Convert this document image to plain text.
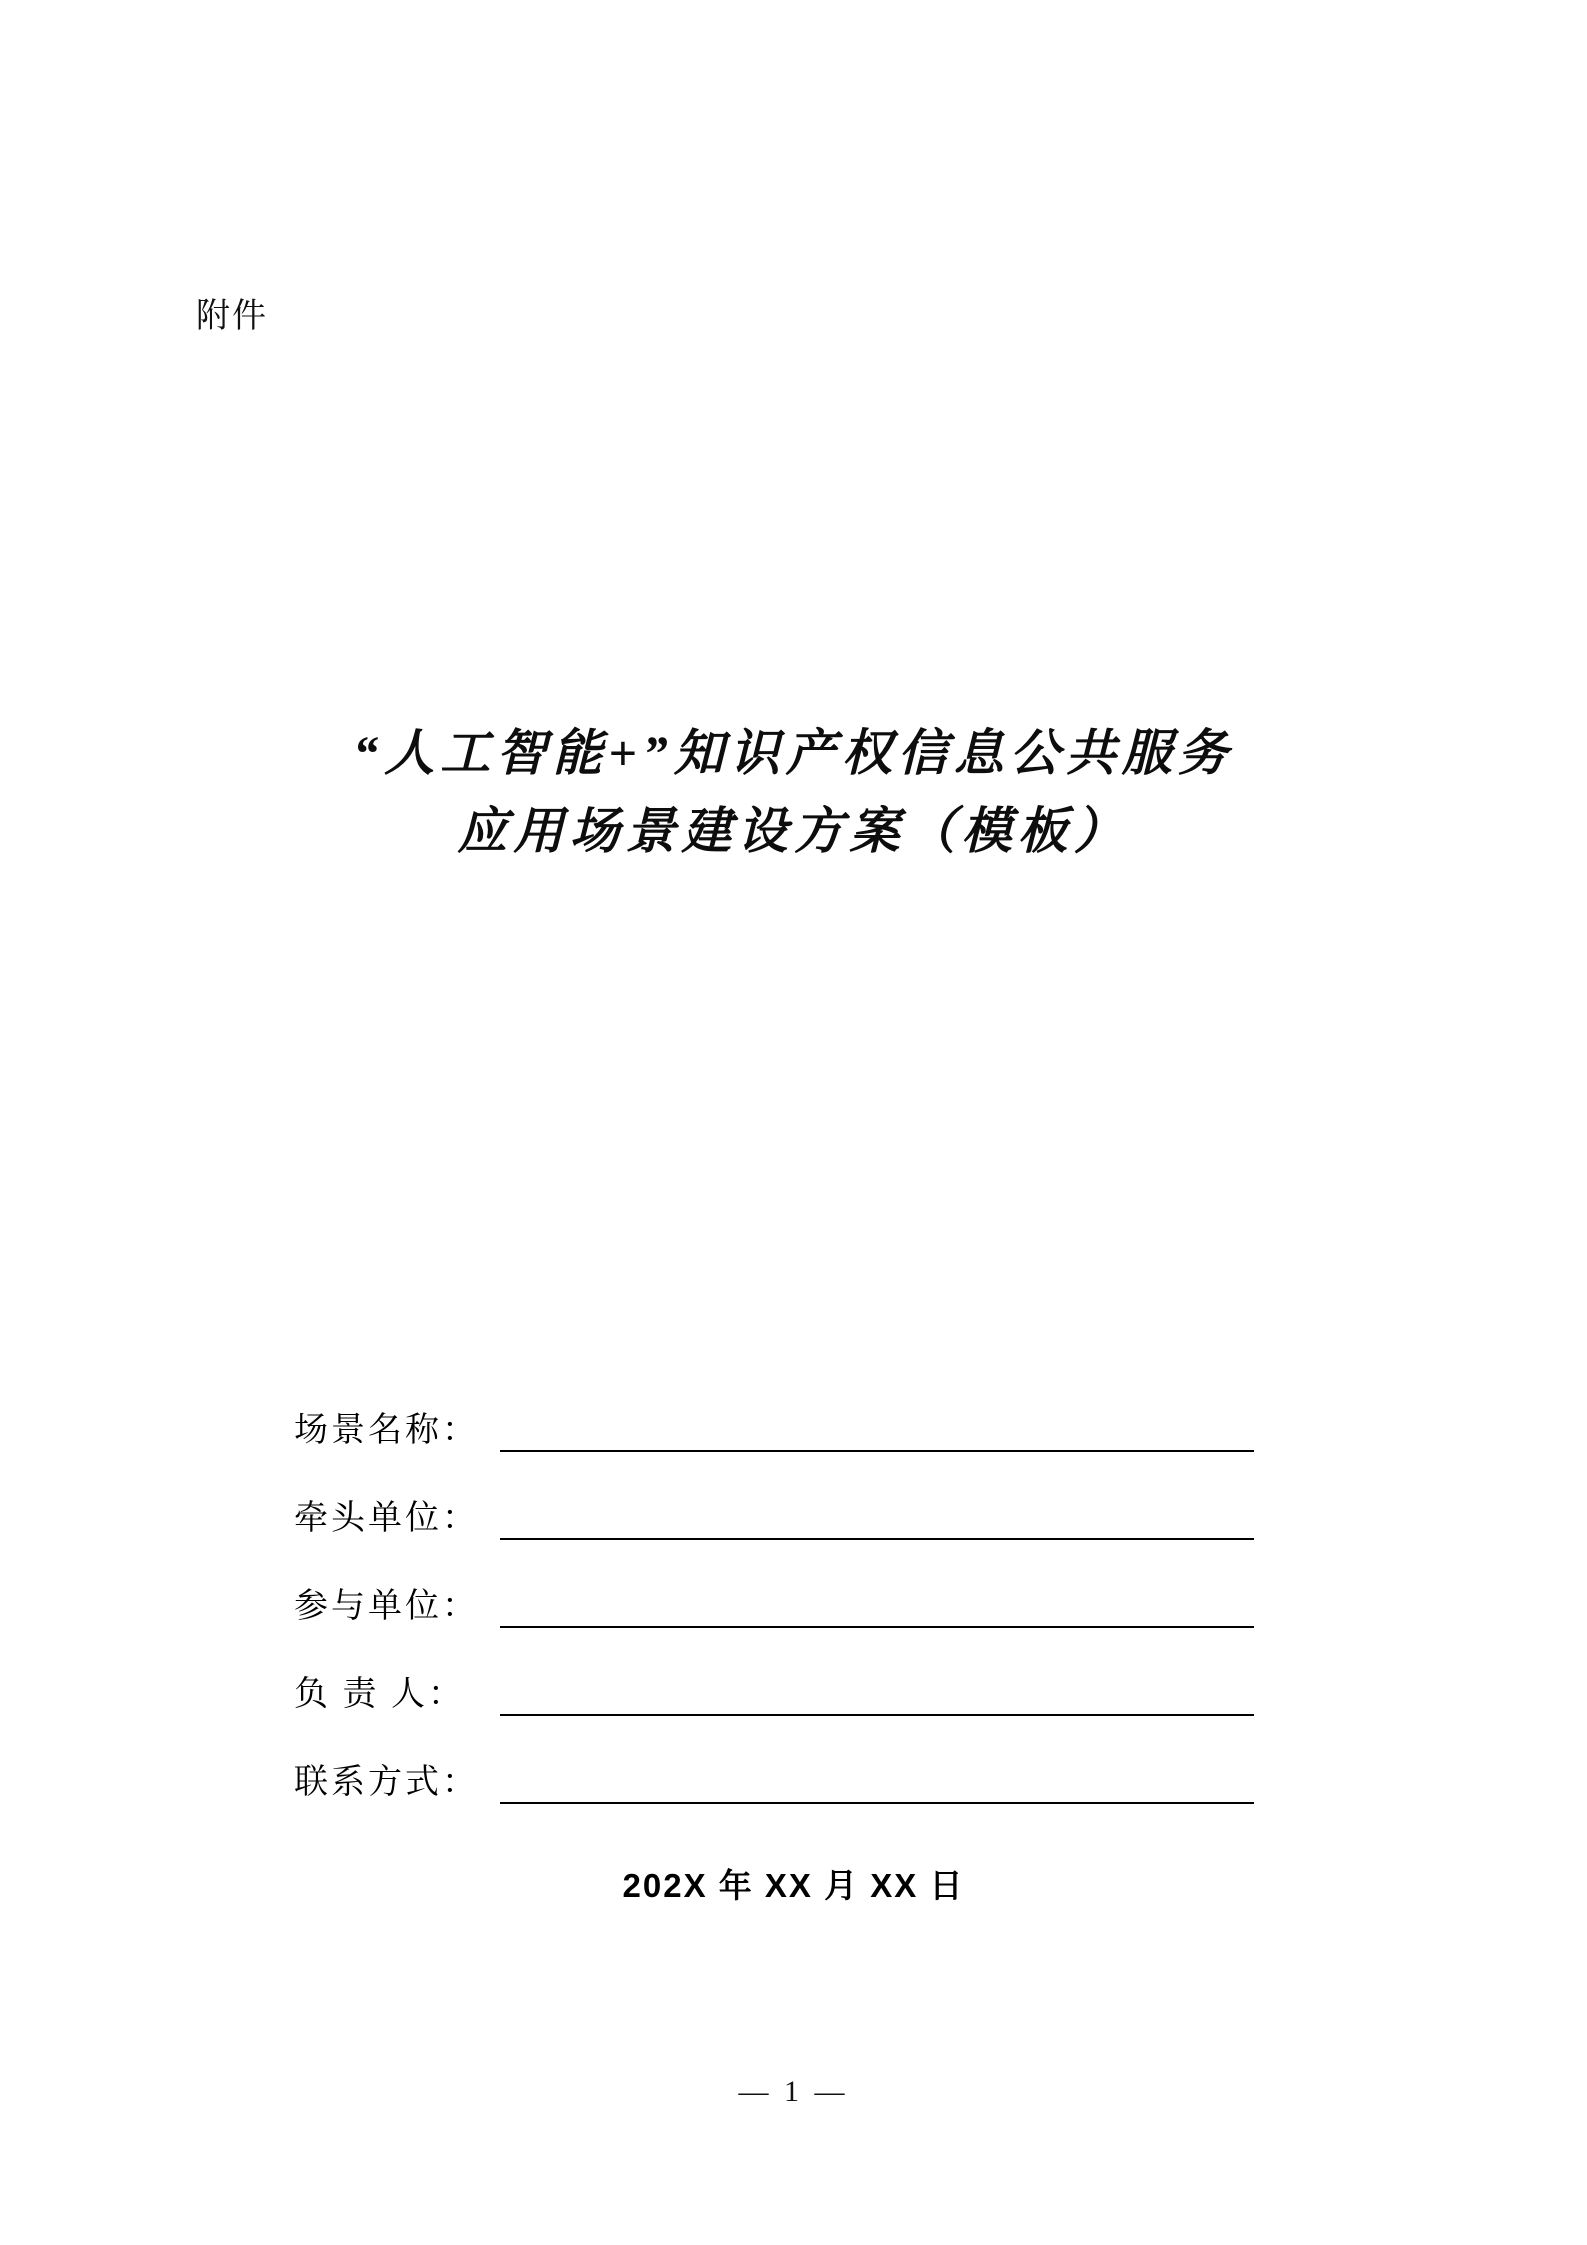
附件
“人工智能+”知识产权信息公共服务
应用场景建设方案（模板）
场景名称：
牵头单位：
参与单位：
负 责 人：
联系方式：
202X 年 XX 月 XX 日
— 1 —
